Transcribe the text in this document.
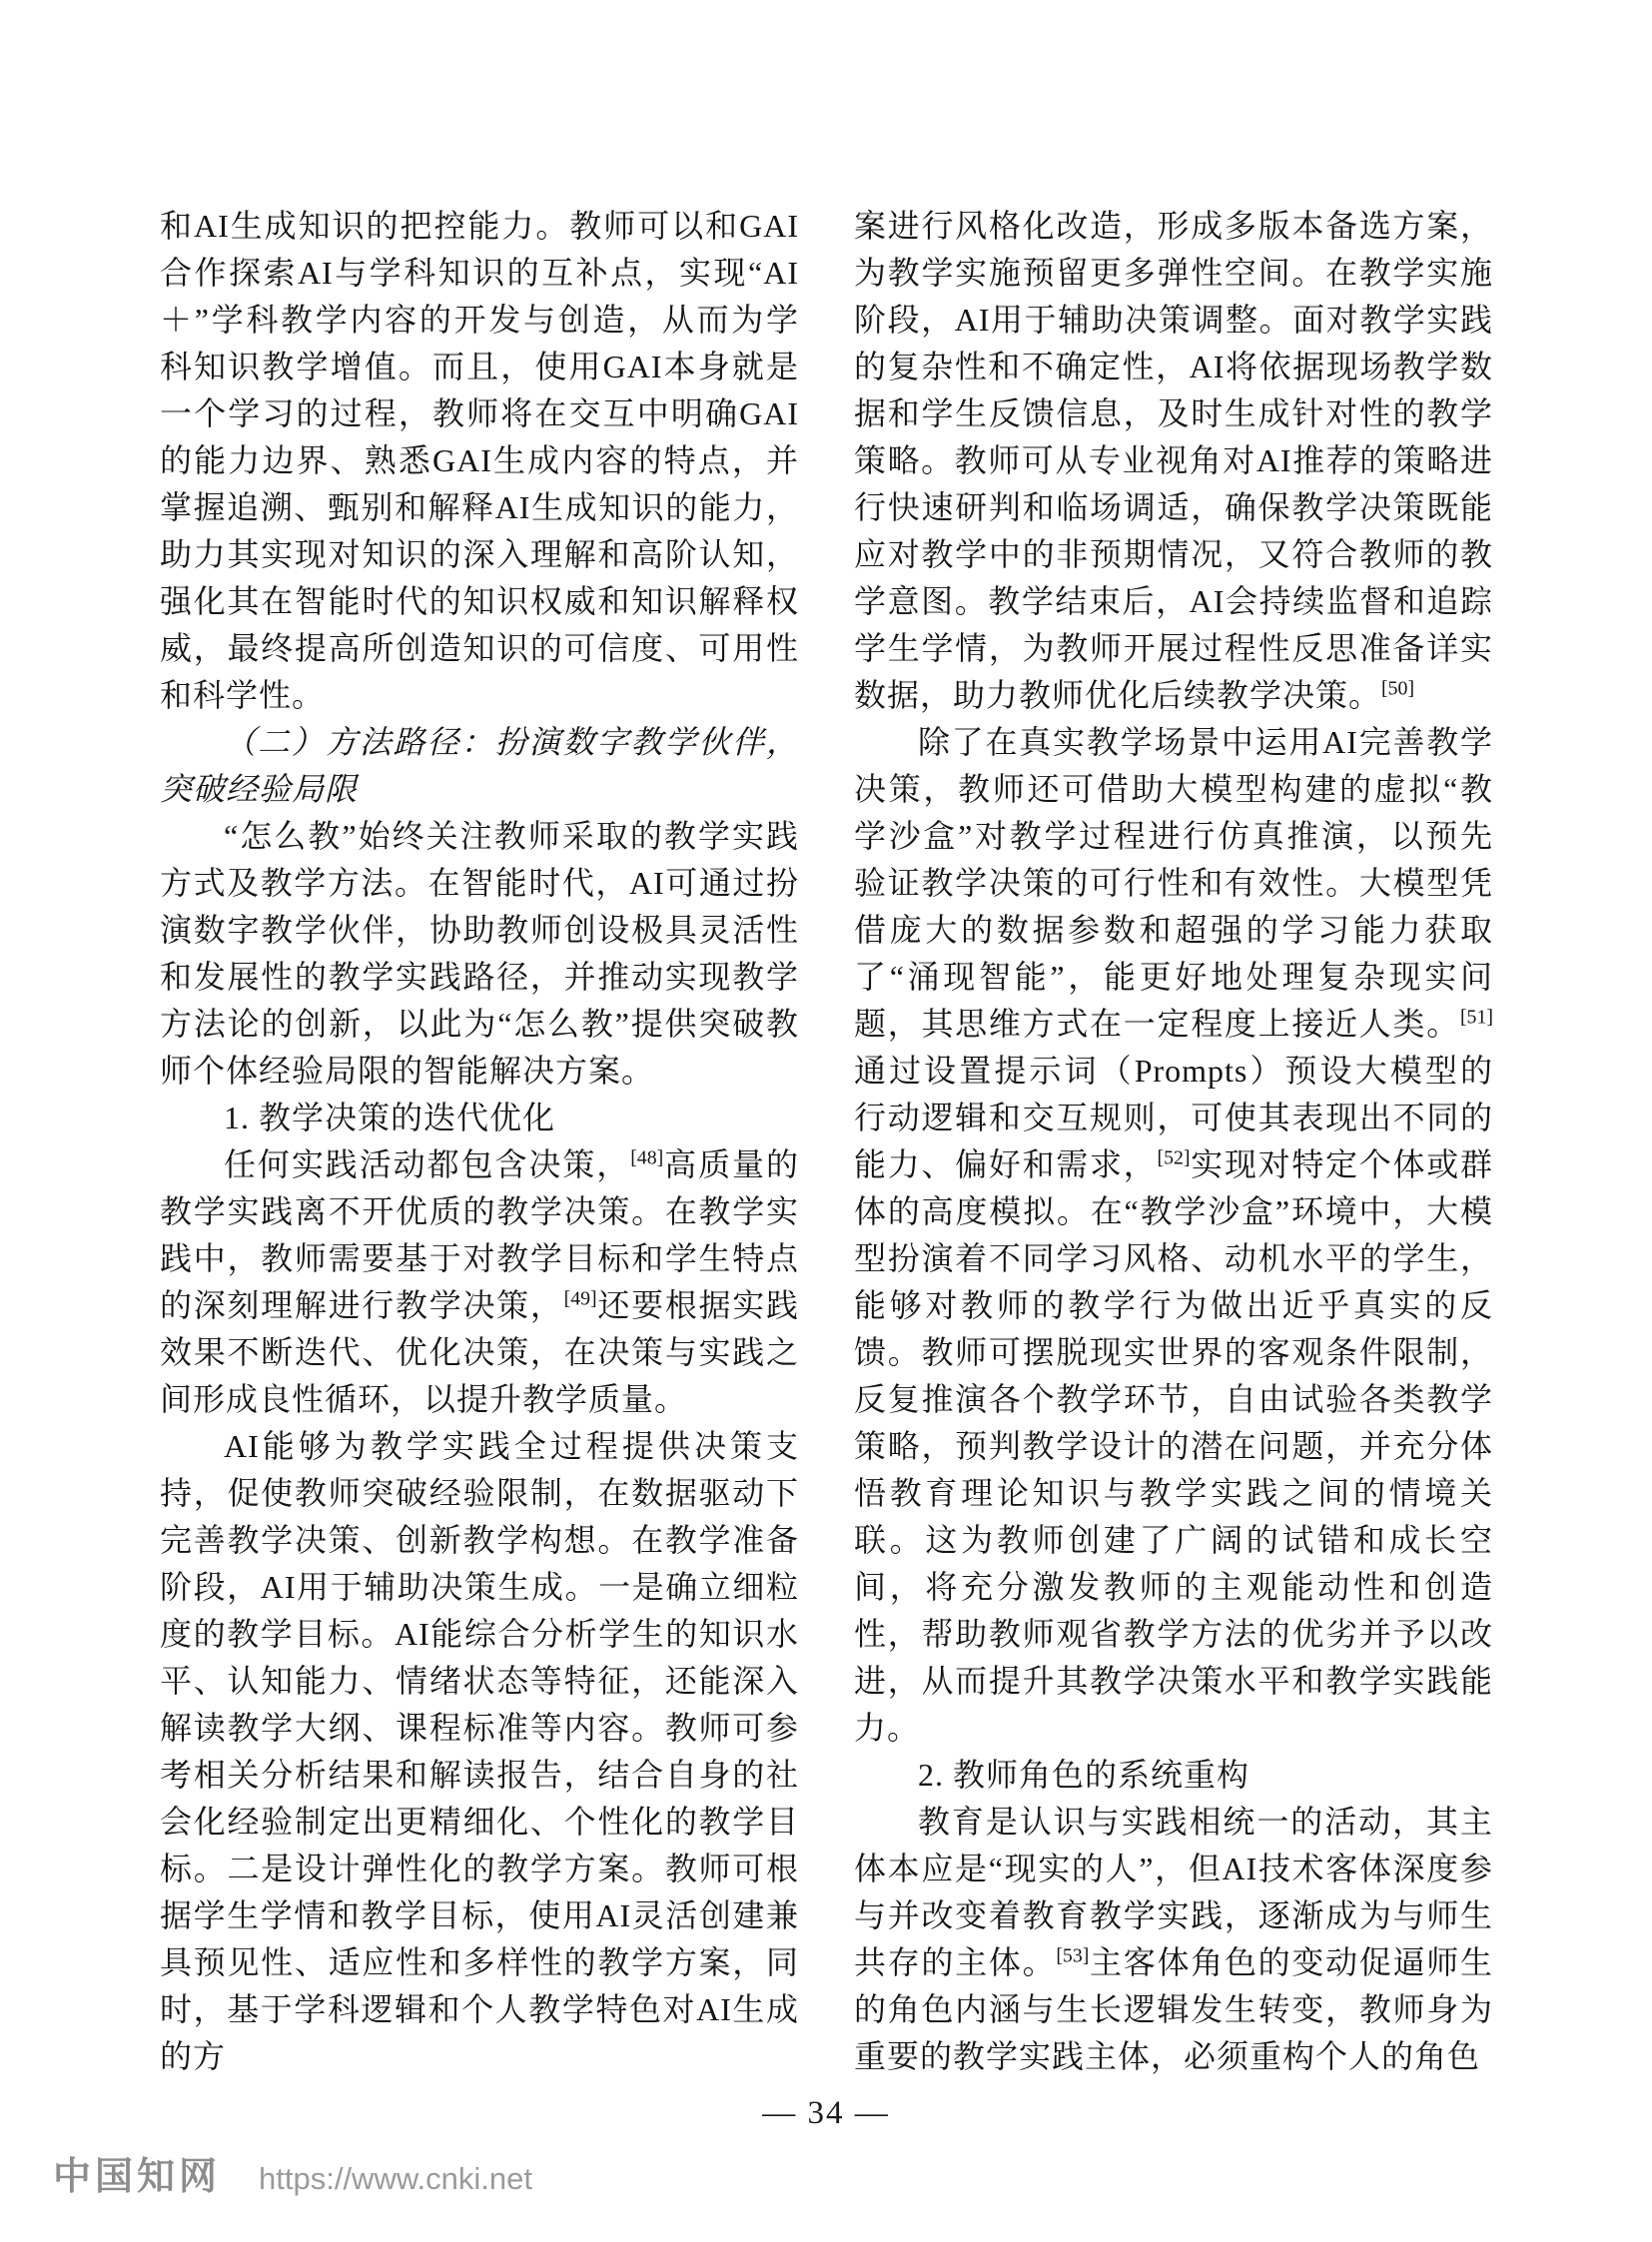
和AI生成知识的把控能力。教师可以和GAI合作探索AI与学科知识的互补点，实现“AI＋”学科教学内容的开发与创造，从而为学科知识教学增值。而且，使用GAI本身就是一个学习的过程，教师将在交互中明确GAI的能力边界、熟悉GAI生成内容的特点，并掌握追溯、甄别和解释AI生成知识的能力，助力其实现对知识的深入理解和高阶认知，强化其在智能时代的知识权威和知识解释权威，最终提高所创造知识的可信度、可用性和科学性。

（二）方法路径：扮演数字教学伙伴，突破经验局限

“怎么教”始终关注教师采取的教学实践方式及教学方法。在智能时代，AI可通过扮演数字教学伙伴，协助教师创设极具灵活性和发展性的教学实践路径，并推动实现教学方法论的创新，以此为“怎么教”提供突破教师个体经验局限的智能解决方案。

1. 教学决策的迭代优化

任何实践活动都包含决策，[48]高质量的教学实践离不开优质的教学决策。在教学实践中，教师需要基于对教学目标和学生特点的深刻理解进行教学决策，[49]还要根据实践效果不断迭代、优化决策，在决策与实践之间形成良性循环，以提升教学质量。

AI能够为教学实践全过程提供决策支持，促使教师突破经验限制，在数据驱动下完善教学决策、创新教学构想。在教学准备阶段，AI用于辅助决策生成。一是确立细粒度的教学目标。AI能综合分析学生的知识水平、认知能力、情绪状态等特征，还能深入解读教学大纲、课程标准等内容。教师可参考相关分析结果和解读报告，结合自身的社会化经验制定出更精细化、个性化的教学目标。二是设计弹性化的教学方案。教师可根据学生学情和教学目标，使用AI灵活创建兼具预见性、适应性和多样性的教学方案，同时，基于学科逻辑和个人教学特色对AI生成的方

案进行风格化改造，形成多版本备选方案，为教学实施预留更多弹性空间。在教学实施阶段，AI用于辅助决策调整。面对教学实践的复杂性和不确定性，AI将依据现场教学数据和学生反馈信息，及时生成针对性的教学策略。教师可从专业视角对AI推荐的策略进行快速研判和临场调适，确保教学决策既能应对教学中的非预期情况，又符合教师的教学意图。教学结束后，AI会持续监督和追踪学生学情，为教师开展过程性反思准备详实数据，助力教师优化后续教学决策。[50]

除了在真实教学场景中运用AI完善教学决策，教师还可借助大模型构建的虚拟“教学沙盒”对教学过程进行仿真推演，以预先验证教学决策的可行性和有效性。大模型凭借庞大的数据参数和超强的学习能力获取了“涌现智能”，能更好地处理复杂现实问题，其思维方式在一定程度上接近人类。[51]通过设置提示词（Prompts）预设大模型的行动逻辑和交互规则，可使其表现出不同的能力、偏好和需求，[52]实现对特定个体或群体的高度模拟。在“教学沙盒”环境中，大模型扮演着不同学习风格、动机水平的学生，能够对教师的教学行为做出近乎真实的反馈。教师可摆脱现实世界的客观条件限制，反复推演各个教学环节，自由试验各类教学策略，预判教学设计的潜在问题，并充分体悟教育理论知识与教学实践之间的情境关联。这为教师创建了广阔的试错和成长空间，将充分激发教师的主观能动性和创造性，帮助教师观省教学方法的优劣并予以改进，从而提升其教学决策水平和教学实践能力。

2. 教师角色的系统重构

教育是认识与实践相统一的活动，其主体本应是“现实的人”，但AI技术客体深度参与并改变着教育教学实践，逐渐成为与师生共存的主体。[53]主客体角色的变动促逼师生的角色内涵与生长逻辑发生转变，教师身为重要的教学实践主体，必须重构个人的角色

— 34 —
中国知网 https://www.cnki.net
